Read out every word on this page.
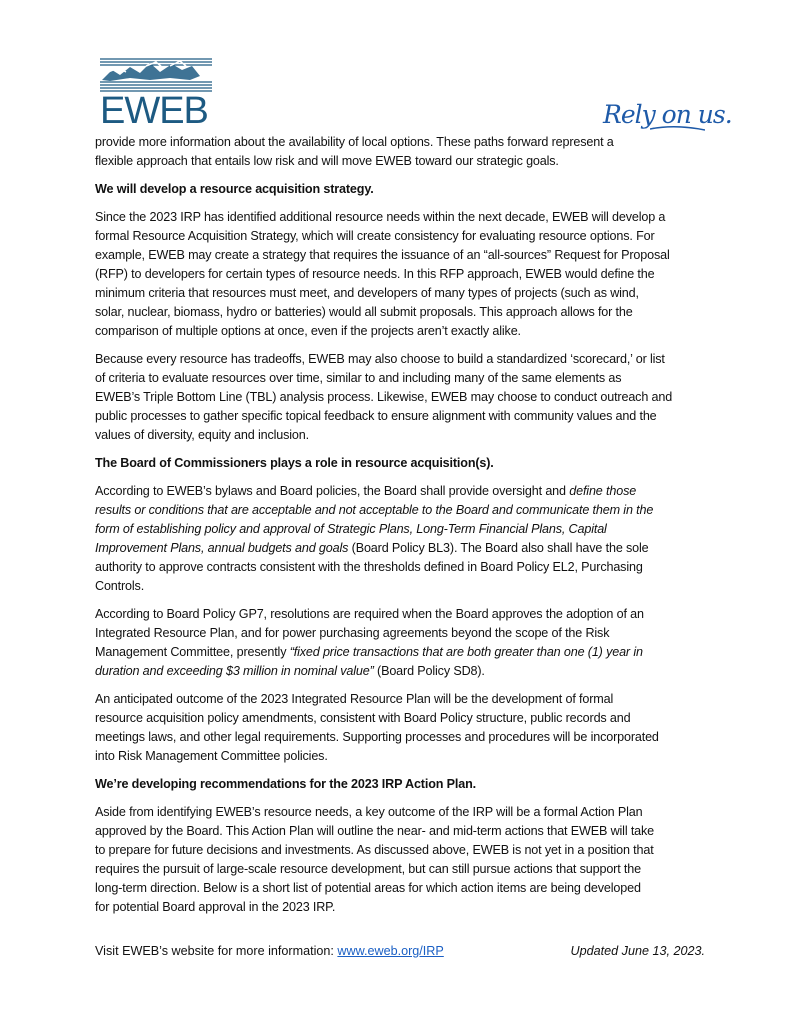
EWEB	Rely on us.
provide more information about the availability of local options. These paths forward represent a
flexible approach that entails low risk and will move EWEB toward our strategic goals.
We will develop a resource acquisition strategy.
Since the 2023 IRP has identified additional resource needs within the next decade, EWEB will develop a
formal Resource Acquisition Strategy, which will create consistency for evaluating resource options. For
example, EWEB may create a strategy that requires the issuance of an “all-sources” Request for Proposal
(RFP) to developers for certain types of resource needs. In this RFP approach, EWEB would define the
minimum criteria that resources must meet, and developers of many types of projects (such as wind,
solar, nuclear, biomass, hydro or batteries) would all submit proposals. This approach allows for the
comparison of multiple options at once, even if the projects aren’t exactly alike.
Because every resource has tradeoffs, EWEB may also choose to build a standardized ‘scorecard,’ or list
of criteria to evaluate resources over time, similar to and including many of the same elements as
EWEB’s Triple Bottom Line (TBL) analysis process. Likewise, EWEB may choose to conduct outreach and
public processes to gather specific topical feedback to ensure alignment with community values and the
values of diversity, equity and inclusion.
The Board of Commissioners plays a role in resource acquisition(s).
According to EWEB’s bylaws and Board policies, the Board shall provide oversight and define those
results or conditions that are acceptable and not acceptable to the Board and communicate them in the
form of establishing policy and approval of Strategic Plans, Long-Term Financial Plans, Capital
Improvement Plans, annual budgets and goals (Board Policy BL3). The Board also shall have the sole
authority to approve contracts consistent with the thresholds defined in Board Policy EL2, Purchasing
Controls.
According to Board Policy GP7, resolutions are required when the Board approves the adoption of an
Integrated Resource Plan, and for power purchasing agreements beyond the scope of the Risk
Management Committee, presently “fixed price transactions that are both greater than one (1) year in
duration and exceeding $3 million in nominal value” (Board Policy SD8).
An anticipated outcome of the 2023 Integrated Resource Plan will be the development of formal
resource acquisition policy amendments, consistent with Board Policy structure, public records and
meetings laws, and other legal requirements. Supporting processes and procedures will be incorporated
into Risk Management Committee policies.
We’re developing recommendations for the 2023 IRP Action Plan.
Aside from identifying EWEB’s resource needs, a key outcome of the IRP will be a formal Action Plan
approved by the Board. This Action Plan will outline the near- and mid-term actions that EWEB will take
to prepare for future decisions and investments. As discussed above, EWEB is not yet in a position that
requires the pursuit of large-scale resource development, but can still pursue actions that support the
long-term direction. Below is a short list of potential areas for which action items are being developed
for potential Board approval in the 2023 IRP.
Visit EWEB’s website for more information: www.eweb.org/IRP	Updated June 13, 2023.
